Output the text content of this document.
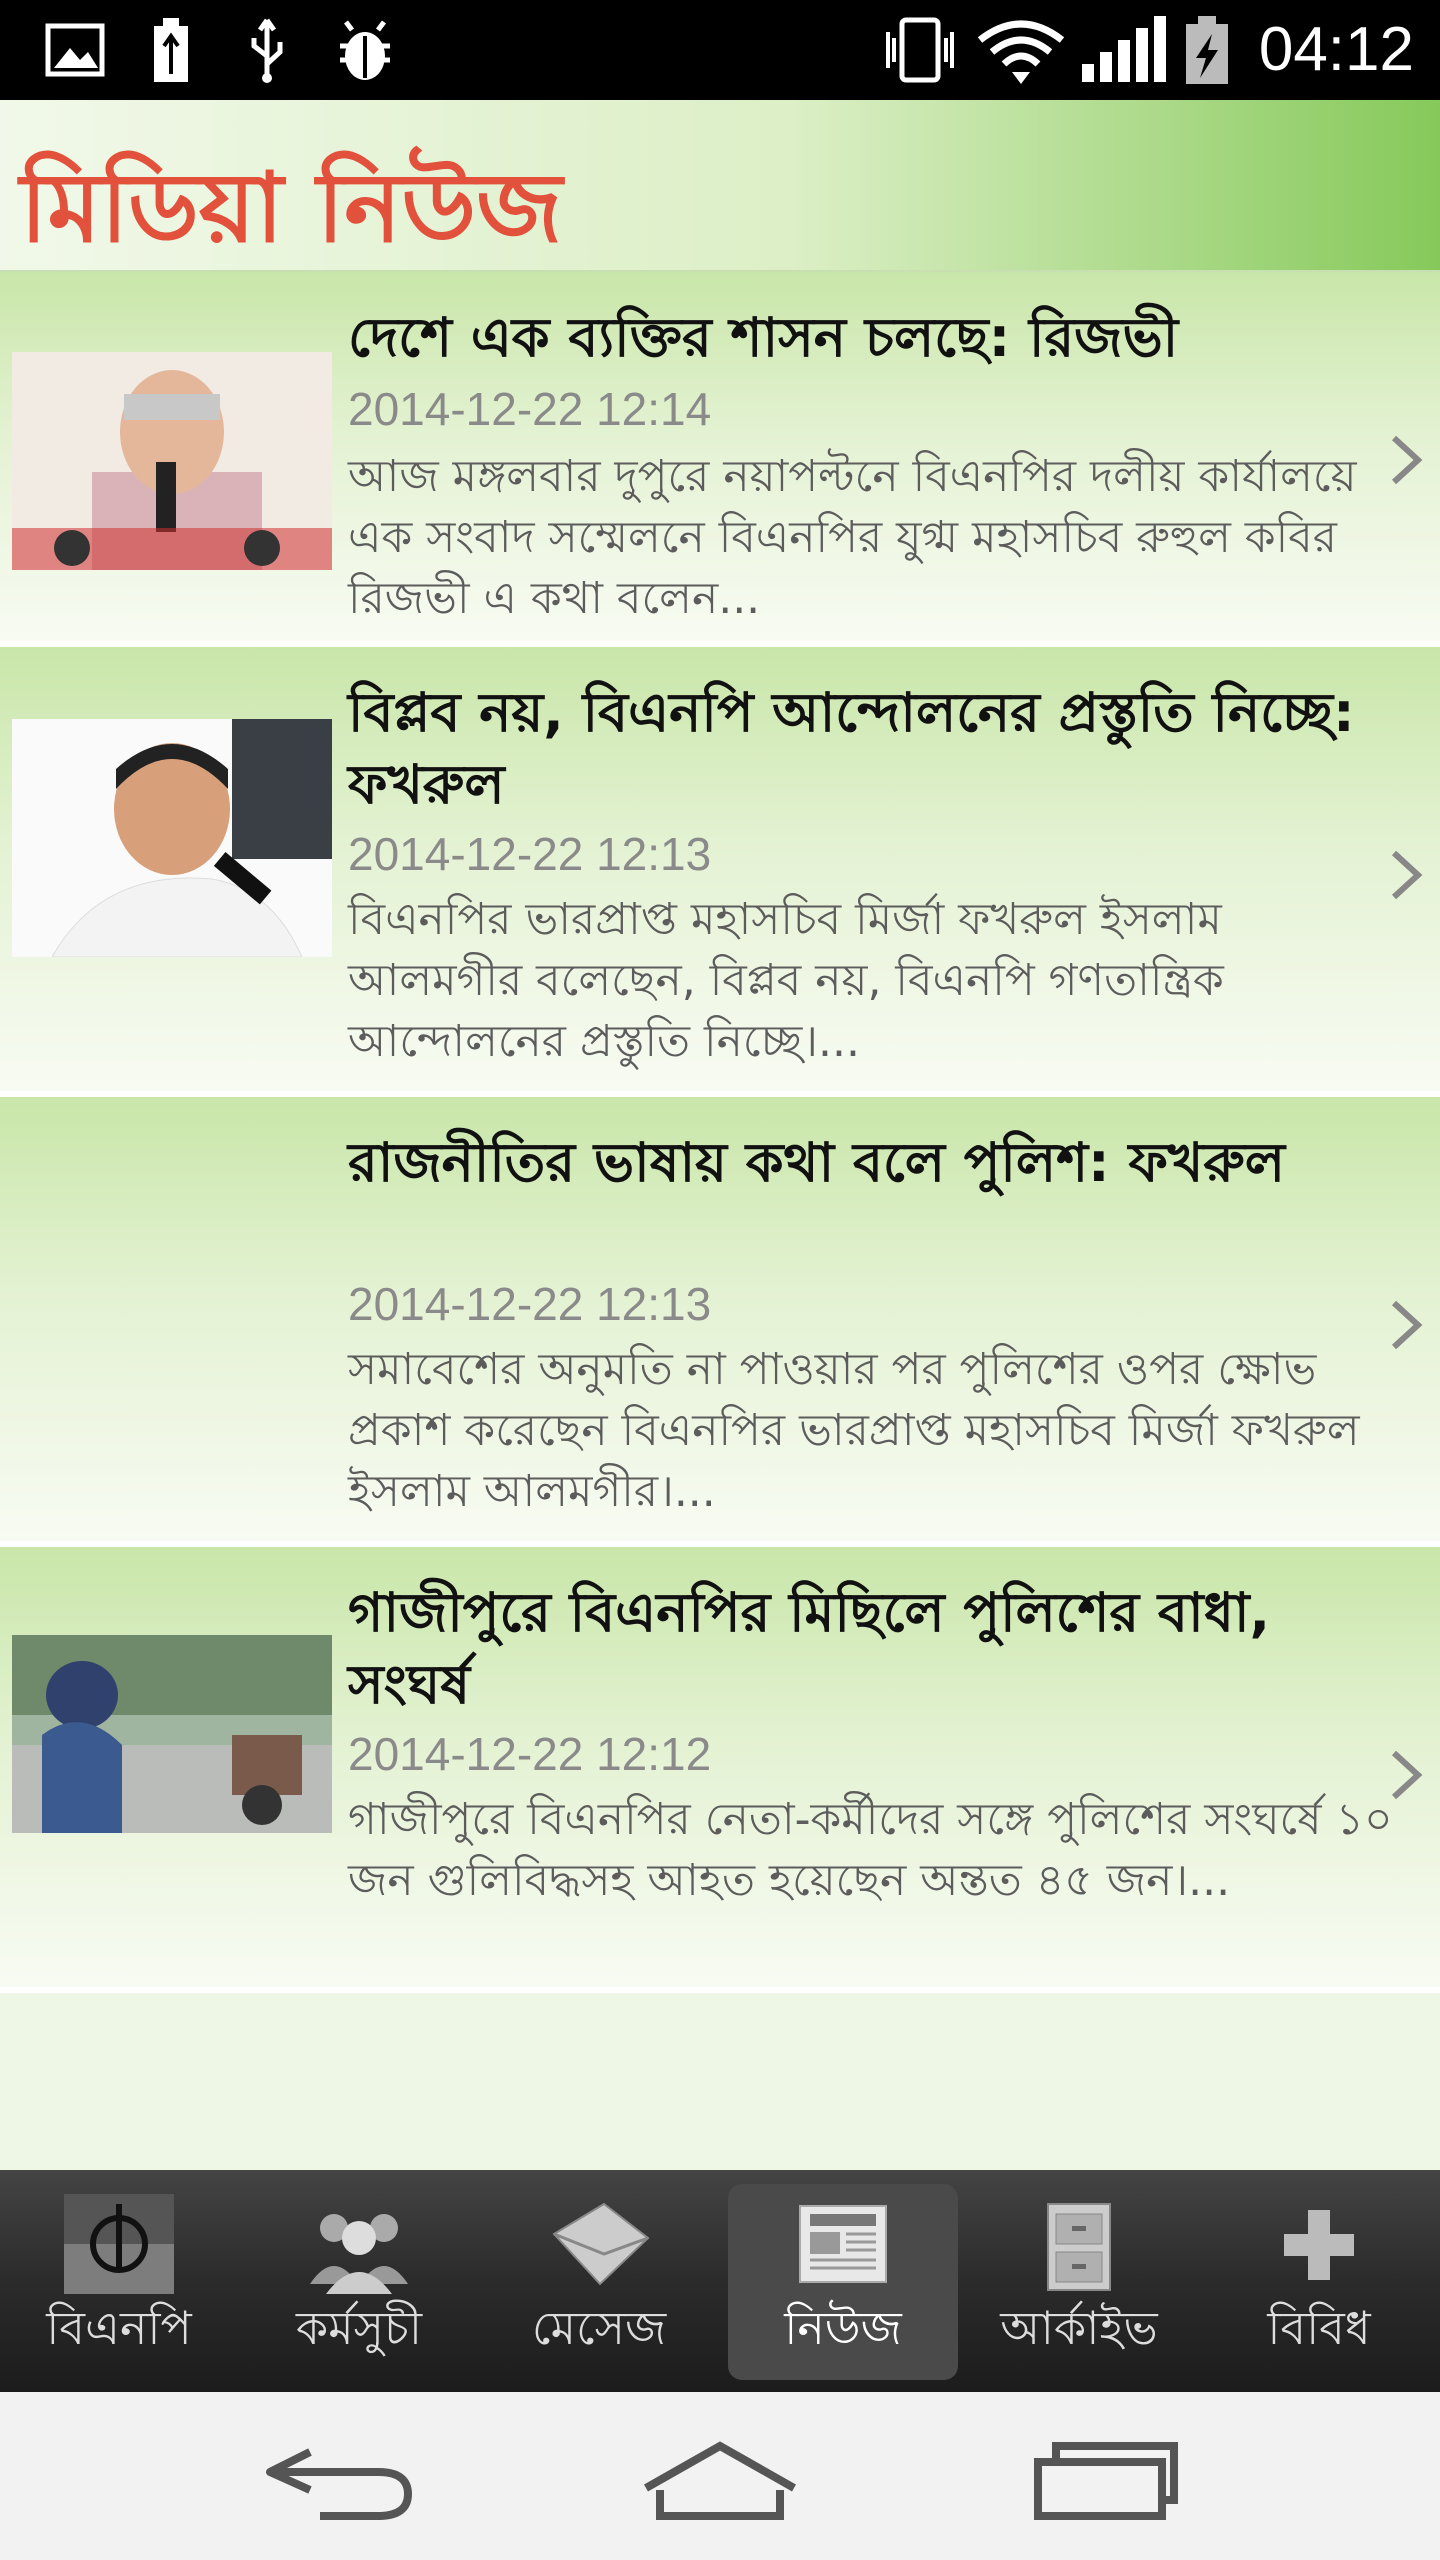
04:12
মিডিয়া নিউজ
দেশে এক ব্যক্তির শাসন চলছে: রিজভী
2014-12-22 12:14
আজ মঙ্গলবার দুপুরে নয়াপল্টনে বিএনপির দলীয় কার্যালয়ে এক সংবাদ সম্মেলনে বিএনপির যুগ্ম মহাসচিব রুহুল কবির রিজভী এ কথা বলেন...
বিপ্লব নয়, বিএনপি আন্দোলনের প্রস্তুতি নিচ্ছে: ফখরুল
2014-12-22 12:13
বিএনপির ভারপ্রাপ্ত মহাসচিব মির্জা ফখরুল ইসলাম আলমগীর বলেছেন, বিপ্লব নয়, বিএনপি গণতান্ত্রিক আন্দোলনের প্রস্তুতি নিচ্ছে।...
রাজনীতির ভাষায় কথা বলে পুলিশ: ফখরুল
2014-12-22 12:13
সমাবেশের অনুমতি না পাওয়ার পর পুলিশের ওপর ক্ষোভ প্রকাশ করেছেন বিএনপির ভারপ্রাপ্ত মহাসচিব মির্জা ফখরুল ইসলাম আলমগীর।...
গাজীপুরে বিএনপির মিছিলে পুলিশের বাধা, সংঘর্ষ
2014-12-22 12:12
গাজীপুরে বিএনপির নেতা-কর্মীদের সঙ্গে পুলিশের সংঘর্ষে ১০ জন গুলিবিদ্ধসহ আহত হয়েছেন অন্তত ৪৫ জন।...
বিএনপি	কর্মসুচী	মেসেজ	নিউজ	আর্কাইভ	বিবিধ
